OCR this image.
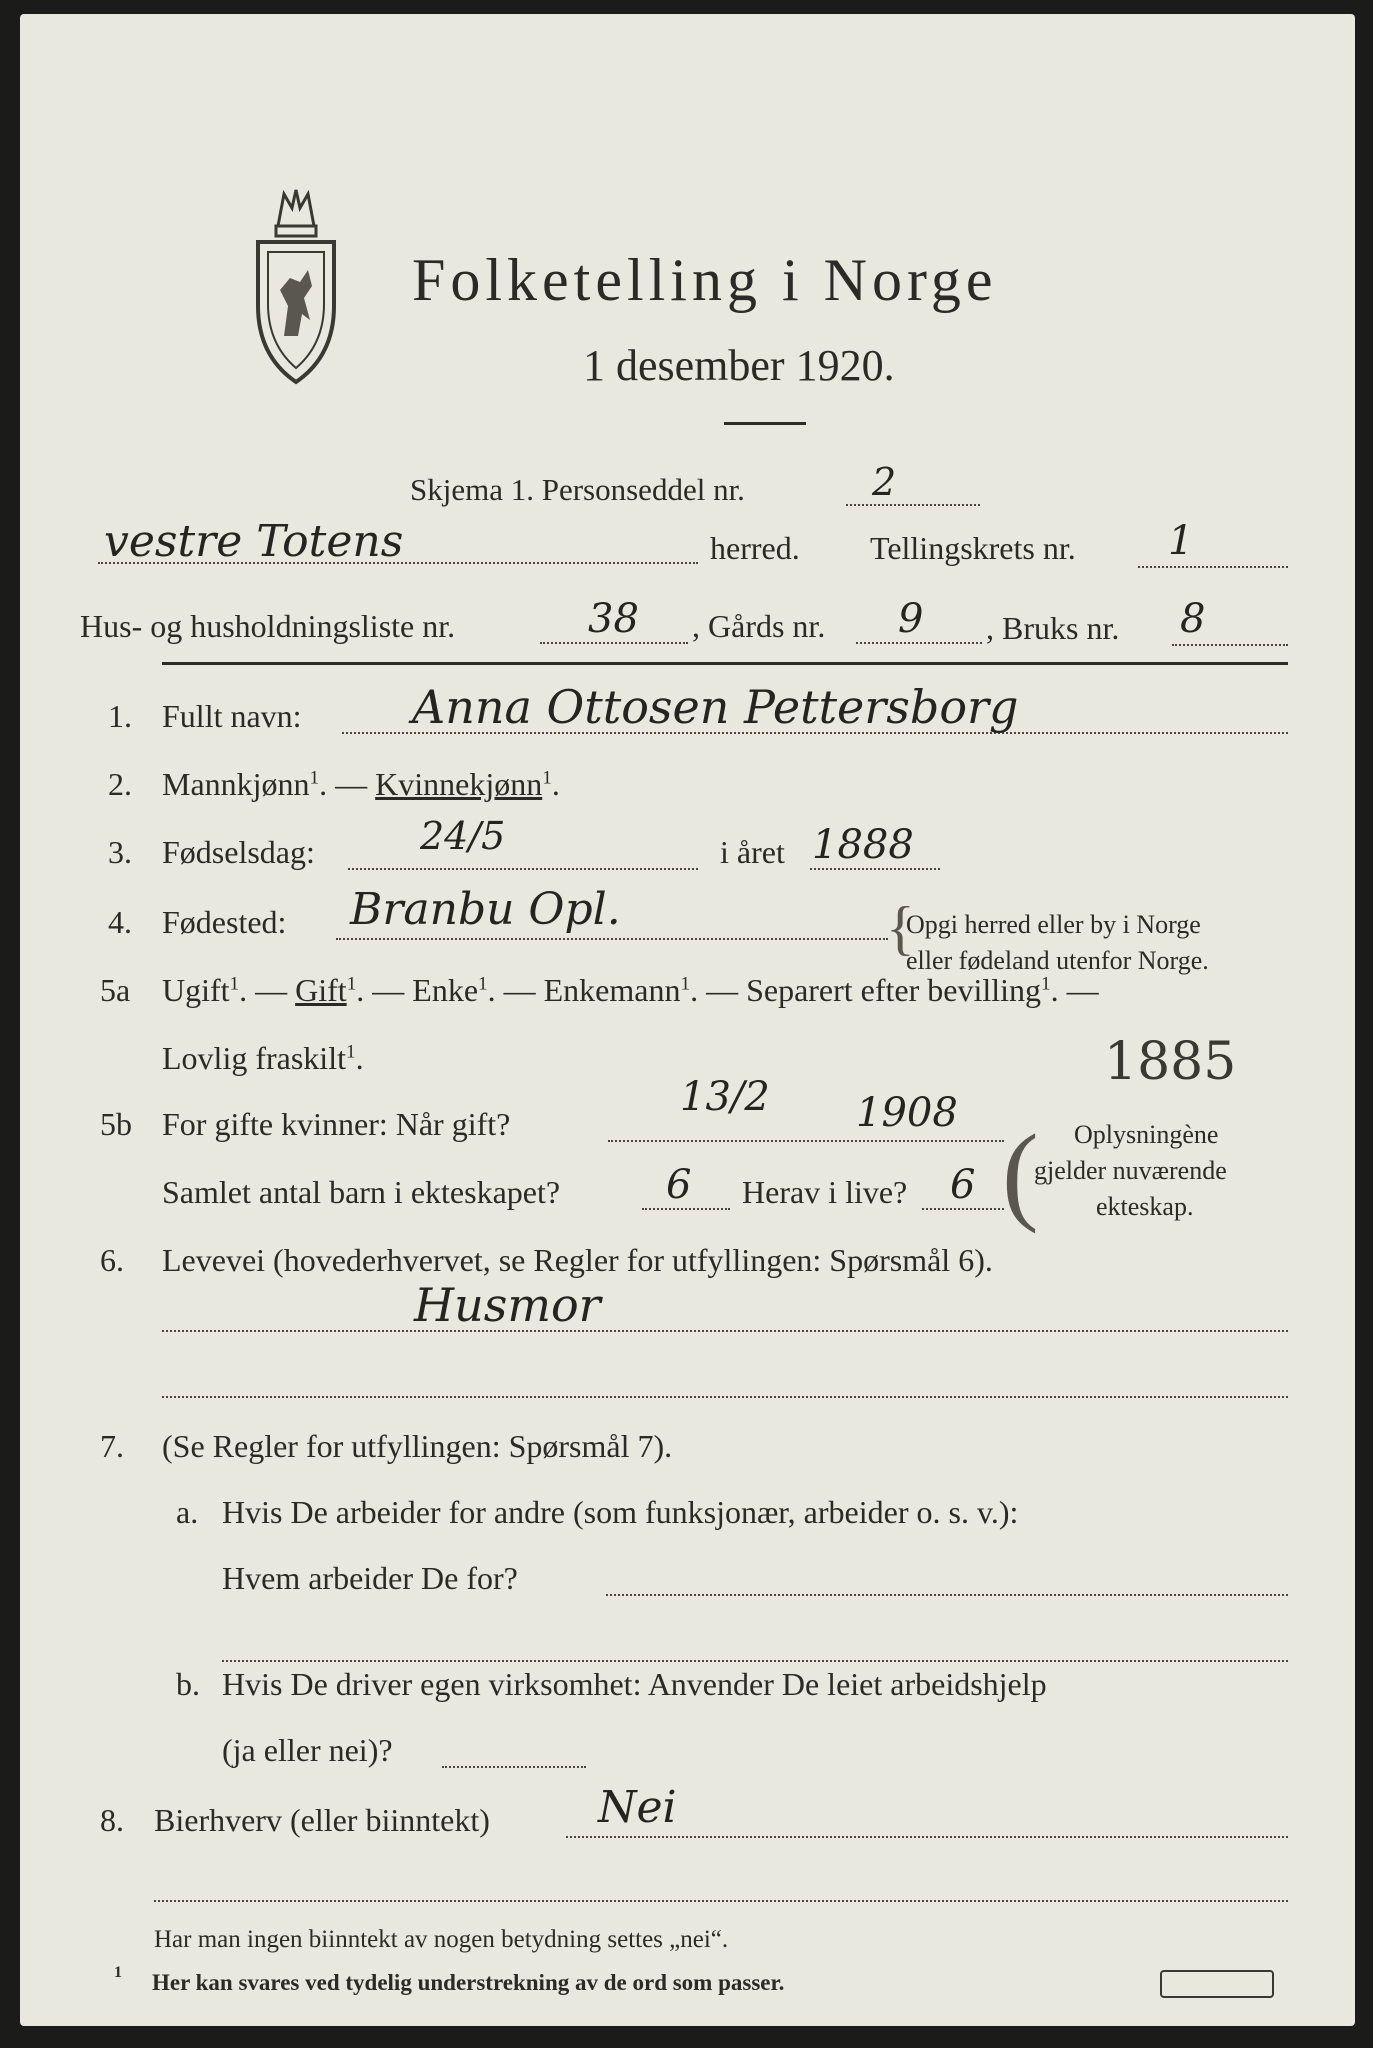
Folketelling i Norge
1 desember 1920.
Skjema 1. Personseddel nr.	2
vestre Totens	herred. Tellingskrets nr. 1
Hus- og husholdningsliste nr.	38 , Gårds nr. 9 , Bruks nr. 8
1. Fullt navn: Anna Ottosen Pettersborg
2. Mannkjønn$^1$. — Kvinnekjønn$^1$.
3. Fødselsdag:	24/5	i året 1888
4. Fødested: Branbu Opl.	{
Opgi herred eller by i Norge
eller fødeland utenfor Norge.
5a Ugift$^1$. — Gift$^1$. — Enke$^1$. — Enkemann$^1$. — Separert efter bevilling$^1$. —
Lovlig fraskilt$^1$.	1885
5b For gifte kvinner: Når gift?
13/2 1908
Samlet antal barn i ekteskapet?	6 Herav i live? 6 ( Oplysningène
gjelder nuværende
ekteskap.
6. Levevei (hovederhvervet, se Regler for utfyllingen: Spørsmål 6).
Husmor
7. (Se Regler for utfyllingen: Spørsmål 7).
a. Hvis De arbeider for andre (som funksjonær, arbeider o. s. v.):
Hvem arbeider De for?
b. Hvis De driver egen virksomhet: Anvender De leiet arbeidshjelp
(ja eller nei)?
8. Bierhverv (eller biinntekt) Nei
Har man ingen biinntekt av nogen betydning settes „nei“.
1 Her kan svares ved tydelig understrekning av de ord som passer.
